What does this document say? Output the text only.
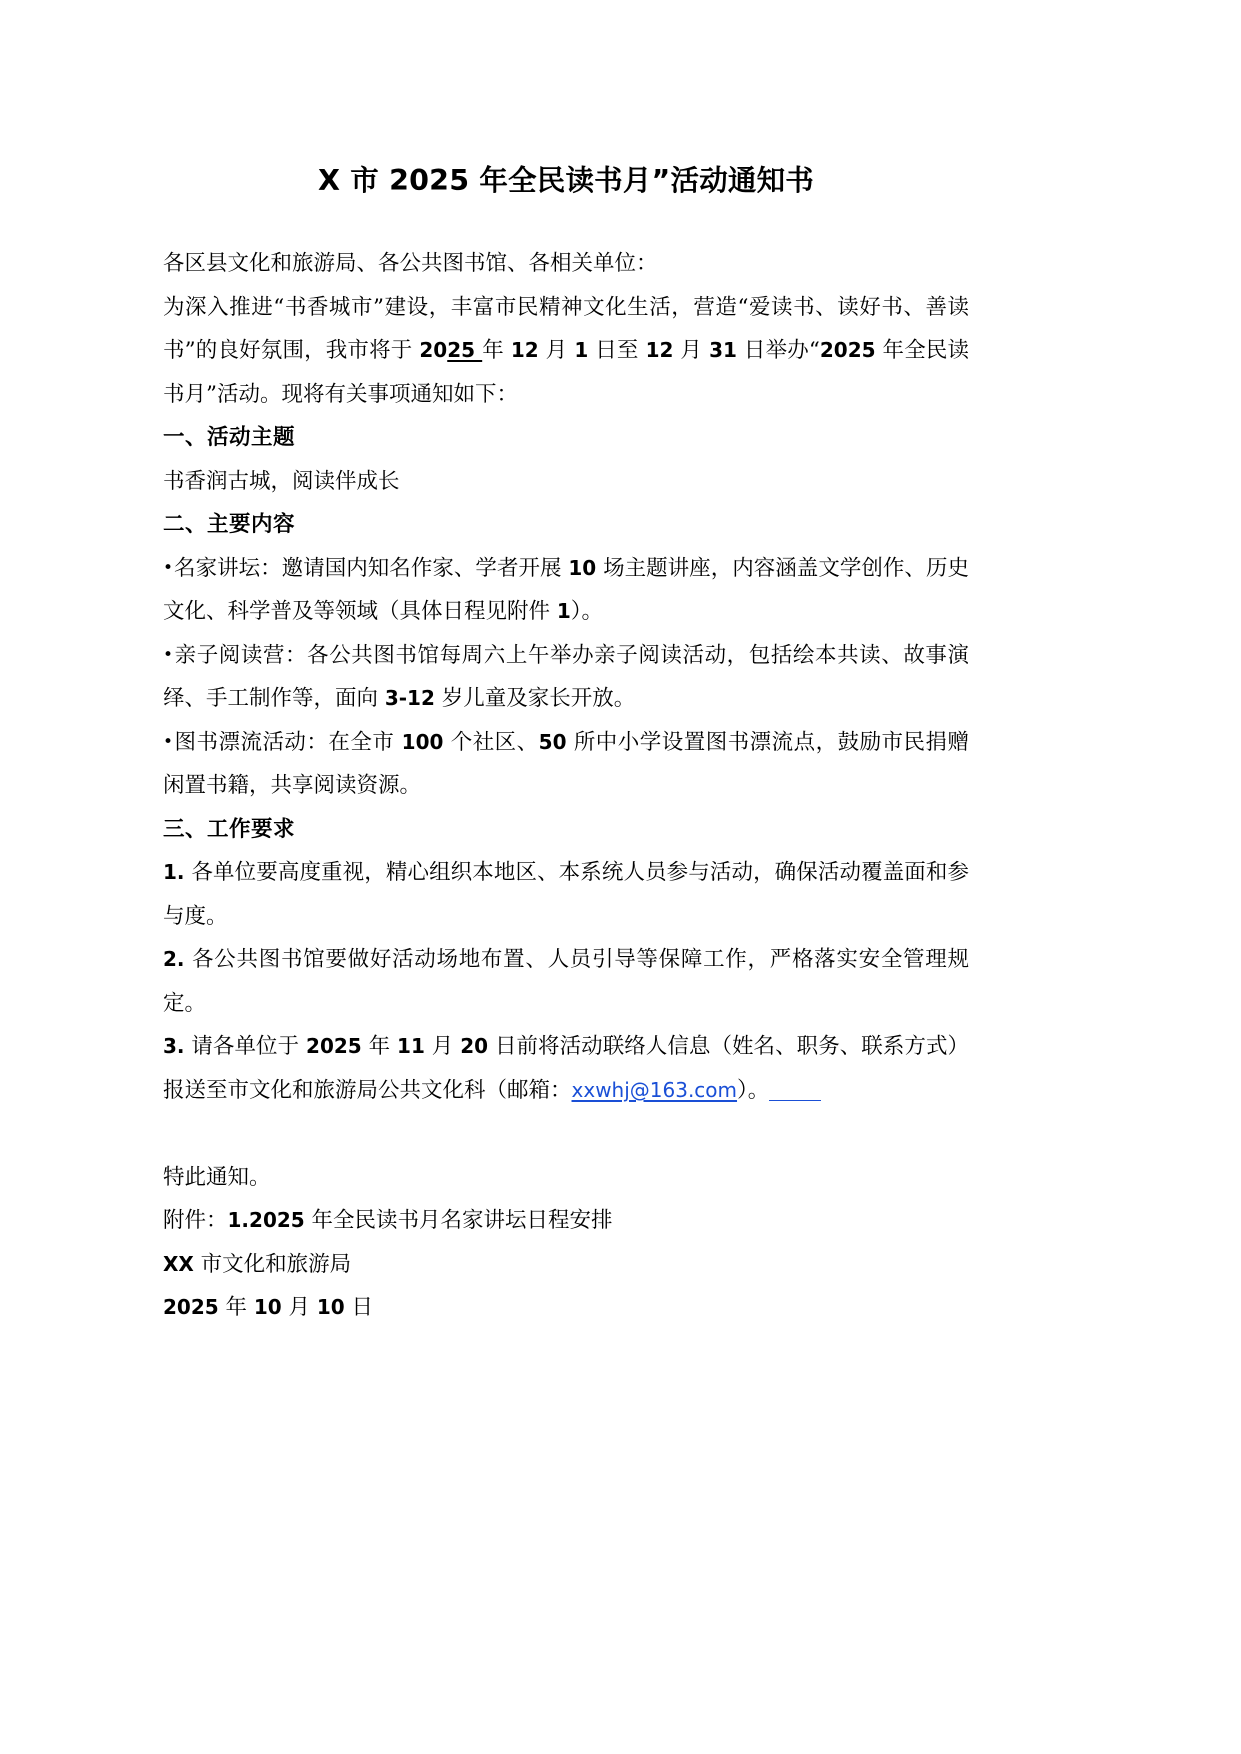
X 市 2025 年全民读书月”活动通知书

各区县文化和旅游局、各公共图书馆、各相关单位：

为深入推进“书香城市”建设，丰富市民精神文化生活，营造“爱读书、读好书、善读书”的良好氛围，我市将于 2025 年 12 月 1 日至 12 月 31 日举办“2025 年全民读书月”活动。现将有关事项通知如下：

一、活动主题

书香润古城，阅读伴成长

二、主要内容

• 名家讲坛：邀请国内知名作家、学者开展 10 场主题讲座，内容涵盖文学创作、历史文化、科学普及等领域（具体日程见附件 1）。

• 亲子阅读营：各公共图书馆每周六上午举办亲子阅读活动，包括绘本共读、故事演绎、手工制作等，面向 3-12 岁儿童及家长开放。

• 图书漂流活动：在全市 100 个社区、50 所中小学设置图书漂流点，鼓励市民捐赠闲置书籍，共享阅读资源。

三、工作要求

1. 各单位要高度重视，精心组织本地区、本系统人员参与活动，确保活动覆盖面和参与度。

2. 各公共图书馆要做好活动场地布置、人员引导等保障工作，严格落实安全管理规定。

3. 请各单位于 2025 年 11 月 20 日前将活动联络人信息（姓名、职务、联系方式）报送至市文化和旅游局公共文化科（邮箱：xxwhj@163.com）。

特此通知。

附件：1.2025 年全民读书月名家讲坛日程安排

XX 市文化和旅游局

2025 年 10 月 10 日
